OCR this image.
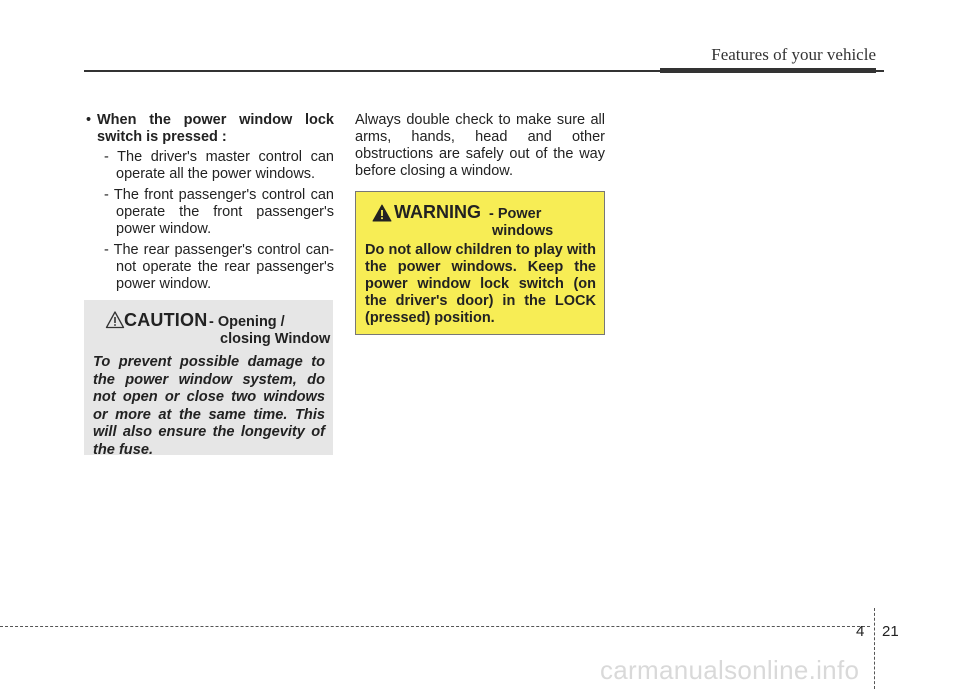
Features of your vehicle
• When the power window lock
switch is pressed :
- The driver's master control can operate all the power windows.
- The front passenger's control can operate the front passenger's power window.
- The rear passenger's control can-not operate the rear passenger's power window.
CAUTION - Opening /
closing Window
To prevent possible damage to the power window system, do not open or close two windows or more at the same time. This will also ensure the longevity of the fuse.
Always double check to make sure all arms, hands, head and other obstructions are safely out of the way before closing a window.
WARNING - Power
windows
Do not allow children to play with the power windows. Keep the power window lock switch (on the driver's door) in the LOCK (pressed) position.
4 21
carmanualsonline.info
